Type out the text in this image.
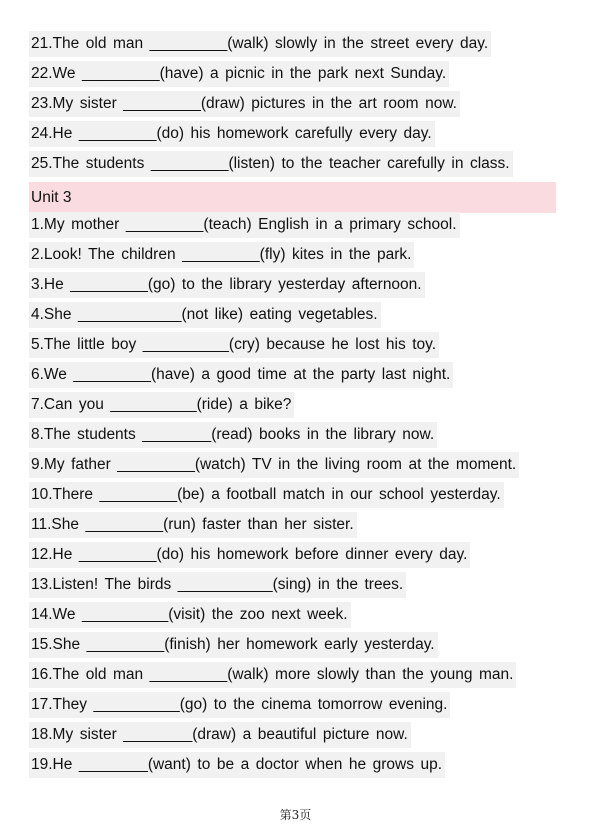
21.The old man _________(walk) slowly in the street every day.
22.We _________(have) a picnic in the park next Sunday.
23.My sister _________(draw) pictures in the art room now.
24.He _________(do) his homework carefully every day.
25.The students _________(listen) to the teacher carefully in class.
Unit 3
1.My mother _________(teach) English in a primary school.
2.Look! The children _________(fly) kites in the park.
3.He _________(go) to the library yesterday afternoon.
4.She ____________(not like) eating vegetables.
5.The little boy __________(cry) because he lost his toy.
6.We _________(have) a good time at the party last night.
7.Can you __________(ride) a bike?
8.The students ________(read) books in the library now.
9.My father _________(watch) TV in the living room at the moment.
10.There _________(be) a football match in our school yesterday.
11.She _________(run) faster than her sister.
12.He _________(do) his homework before dinner every day.
13.Listen! The birds ___________(sing) in the trees.
14.We __________(visit) the zoo next week.
15.She _________(finish) her homework early yesterday.
16.The old man _________(walk) more slowly than the young man.
17.They __________(go) to the cinema tomorrow evening.
18.My sister ________(draw) a beautiful picture now.
19.He ________(want) to be a doctor when he grows up.
第3页
